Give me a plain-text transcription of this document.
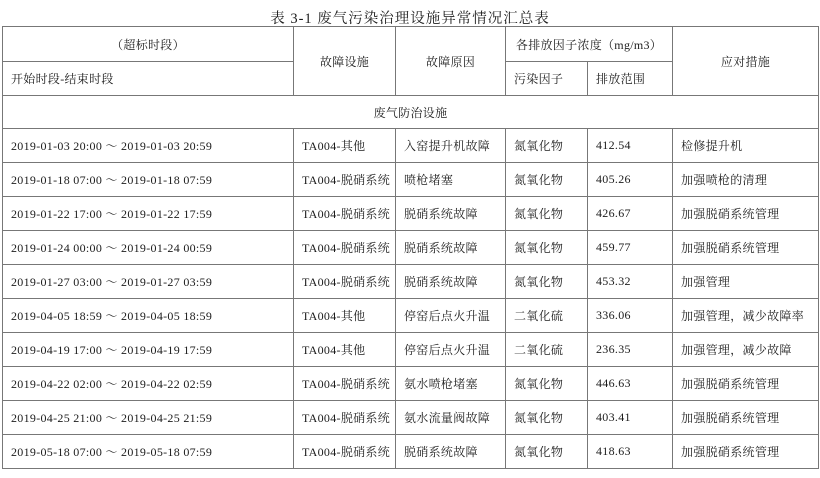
表 3-1 废气污染治理设施异常情况汇总表
（超标时段）	故障设施	故障原因	各排放因子浓度（mg/m3）		应对措施
开始时段-结束时段			污染因子	排放范围	
废气防治设施					
2019-01-03 20:00 ～ 2019-01-03 20:59	TA004-其他	入窑提升机故障	氮氧化物	412.54	检修提升机
2019-01-18 07:00 ～ 2019-01-18 07:59	TA004-脱硝系统	喷枪堵塞	氮氧化物	405.26	加强喷枪的清理
2019-01-22 17:00 ～ 2019-01-22 17:59	TA004-脱硝系统	脱硝系统故障	氮氧化物	426.67	加强脱硝系统管理
2019-01-24 00:00 ～ 2019-01-24 00:59	TA004-脱硝系统	脱硝系统故障	氮氧化物	459.77	加强脱硝系统管理
2019-01-27 03:00 ～ 2019-01-27 03:59	TA004-脱硝系统	脱硝系统故障	氮氧化物	453.32	加强管理
2019-04-05 18:59 ～ 2019-04-05 18:59	TA004-其他	停窑后点火升温	二氧化硫	336.06	加强管理，减少故障率
2019-04-19 17:00 ～ 2019-04-19 17:59	TA004-其他	停窑后点火升温	二氧化硫	236.35	加强管理，减少故障
2019-04-22 02:00 ～ 2019-04-22 02:59	TA004-脱硝系统	氨水喷枪堵塞	氮氧化物	446.63	加强脱硝系统管理
2019-04-25 21:00 ～ 2019-04-25 21:59	TA004-脱硝系统	氨水流量阀故障	氮氧化物	403.41	加强脱硝系统管理
2019-05-18 07:00 ～ 2019-05-18 07:59	TA004-脱硝系统	脱硝系统故障	氮氧化物	418.63	加强脱硝系统管理
